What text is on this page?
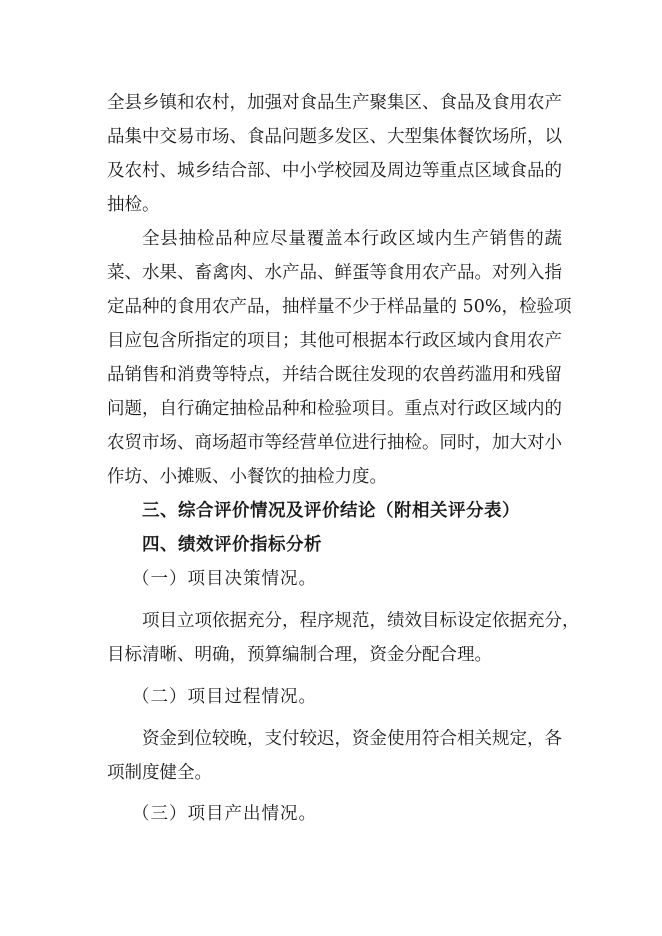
全县乡镇和农村，加强对食品生产聚集区、食品及食用农产
品集中交易市场、食品问题多发区、大型集体餐饮场所，以
及农村、城乡结合部、中小学校园及周边等重点区域食品的
抽检。
全县抽检品种应尽量覆盖本行政区域内生产销售的蔬
菜、水果、畜禽肉、水产品、鲜蛋等食用农产品。对列入指
定品种的食用农产品，抽样量不少于样品量的 50%，检验项
目应包含所指定的项目；其他可根据本行政区域内食用农产
品销售和消费等特点，并结合既往发现的农兽药滥用和残留
问题，自行确定抽检品种和检验项目。重点对行政区域内的
农贸市场、商场超市等经营单位进行抽检。同时，加大对小
作坊、小摊贩、小餐饮的抽检力度。
三、综合评价情况及评价结论（附相关评分表）
四、绩效评价指标分析
（一）项目决策情况。
项目立项依据充分，程序规范，绩效目标设定依据充分，
目标清晰、明确，预算编制合理，资金分配合理。
（二）项目过程情况。
资金到位较晚，支付较迟，资金使用符合相关规定，各
项制度健全。
（三）项目产出情况。
